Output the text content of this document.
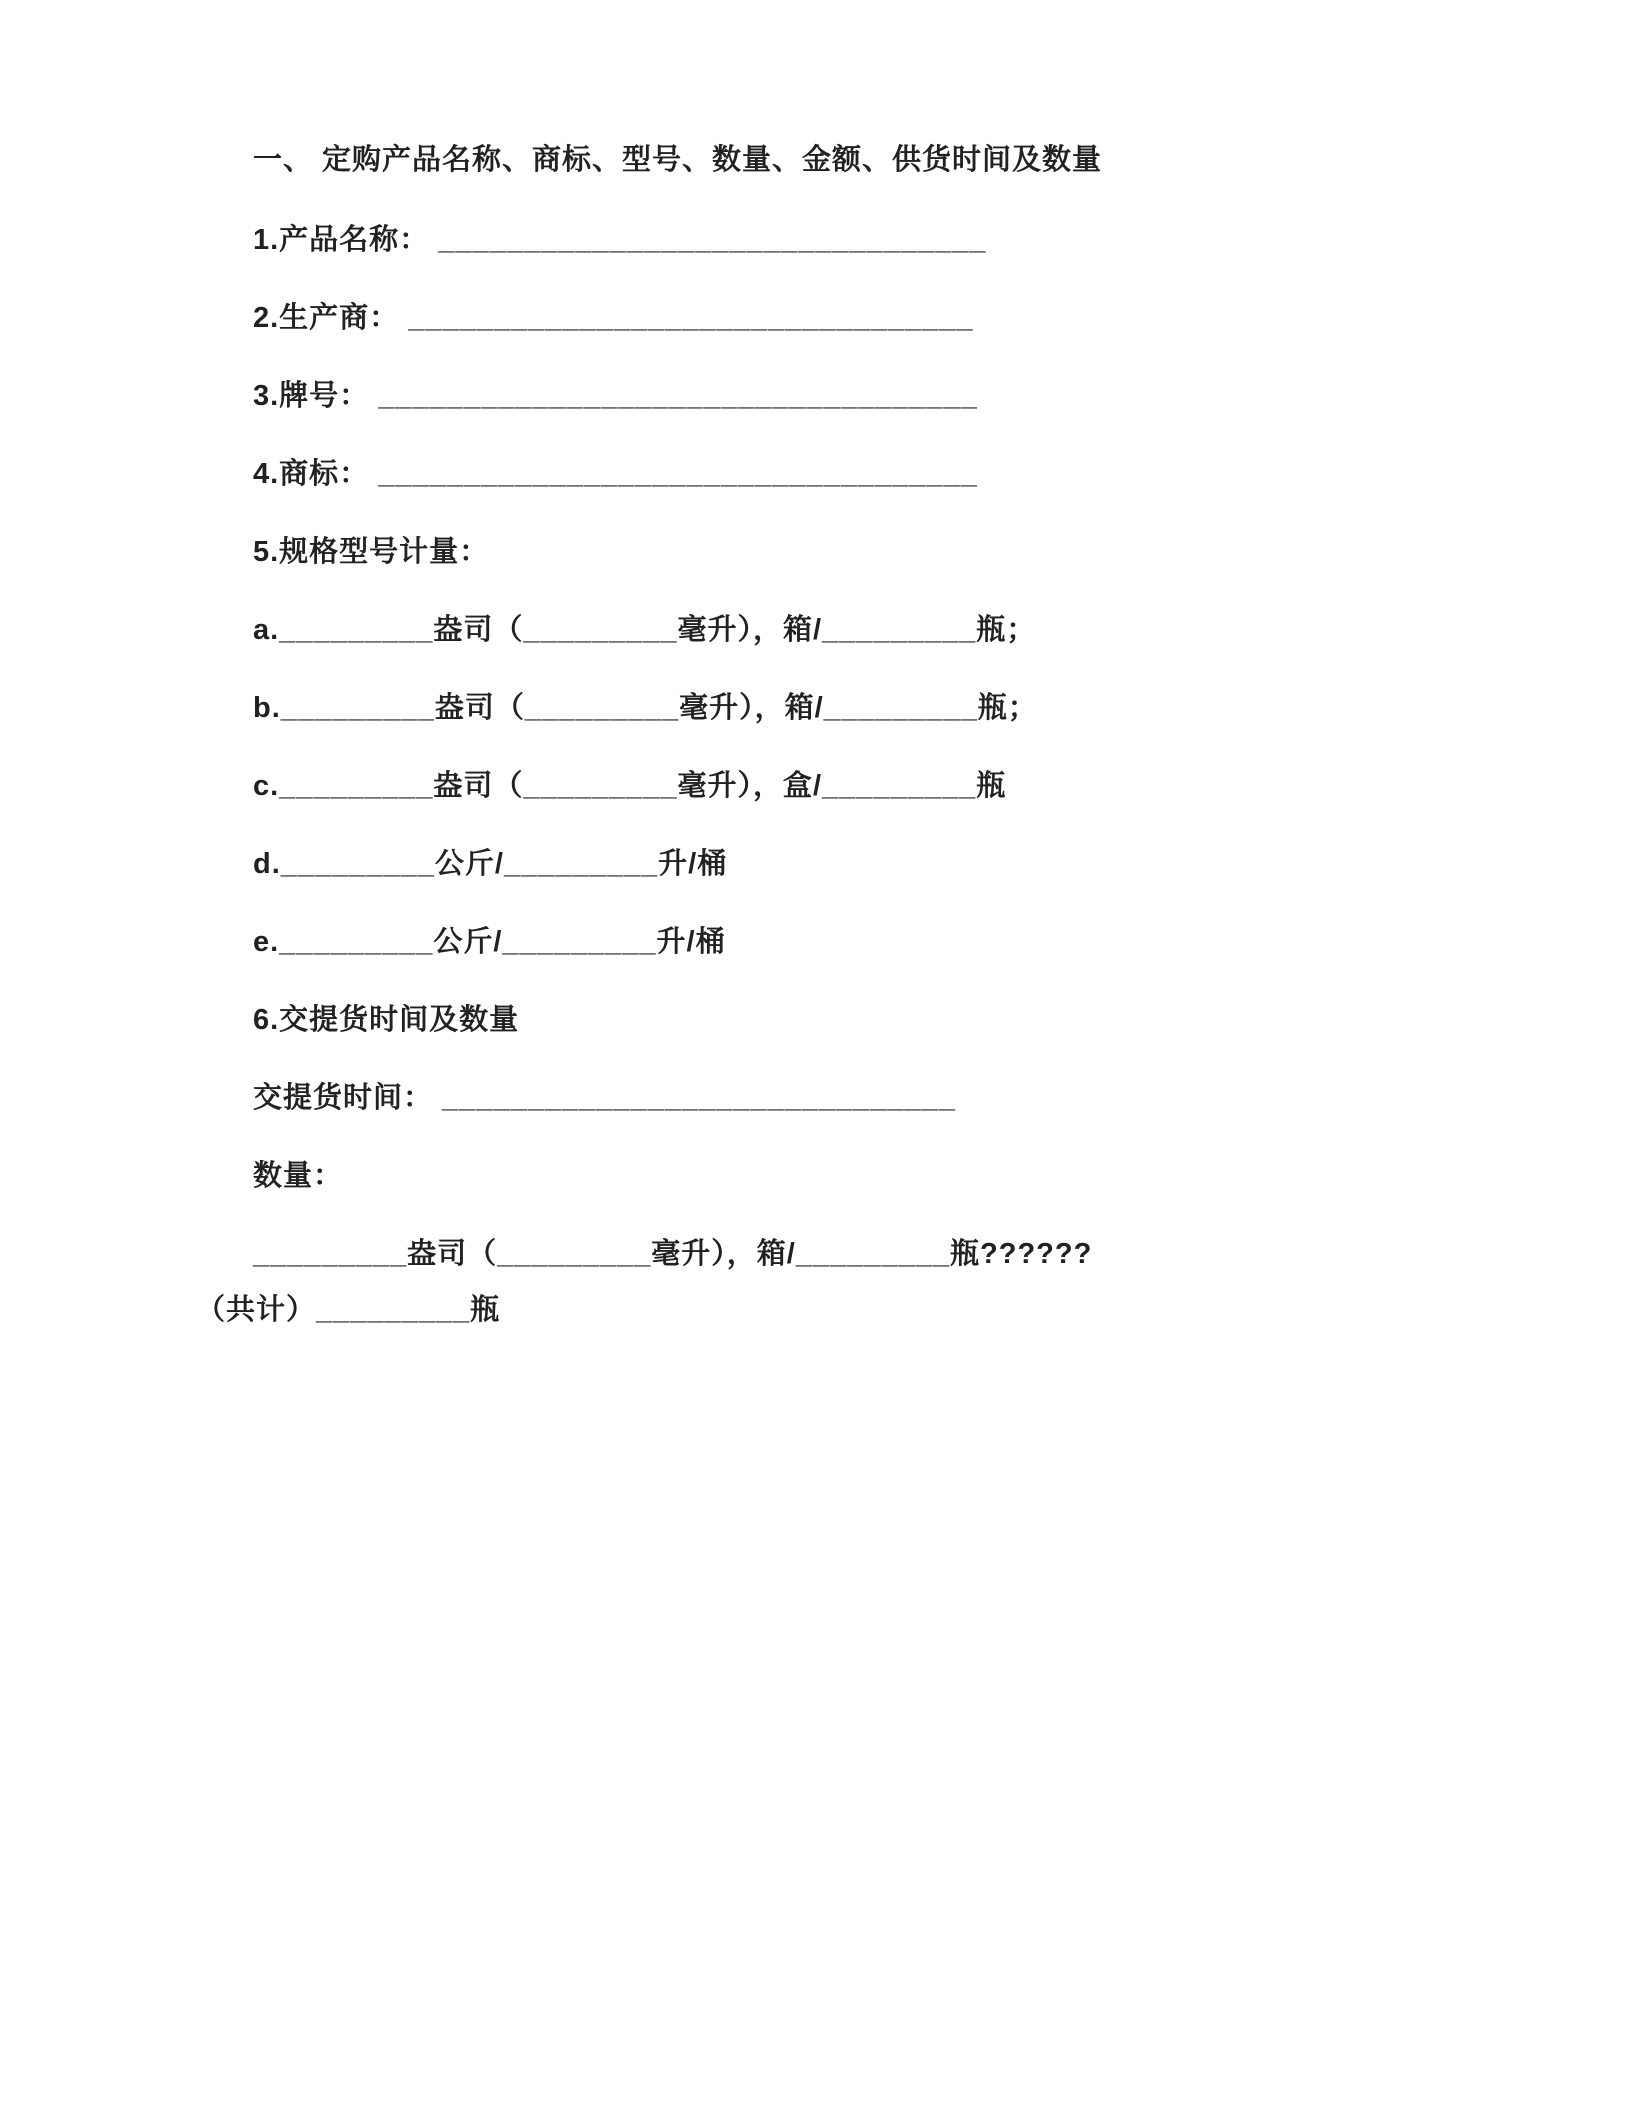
一、 定购产品名称、商标、型号、数量、金额、供货时间及数量

1.产品名称： ________________________________

2.生产商： _________________________________

3.牌号： ___________________________________

4.商标： ___________________________________

5.规格型号计量：

a._________盎司（_________毫升），箱/_________瓶；

b._________盎司（_________毫升），箱/_________瓶；

c._________盎司（_________毫升），盒/_________瓶

d._________公斤/_________升/桶

e._________公斤/_________升/桶

6.交提货时间及数量

交提货时间： ______________________________

数量：

_________盎司（_________毫升），箱/_________瓶??????

（共计）_________瓶
